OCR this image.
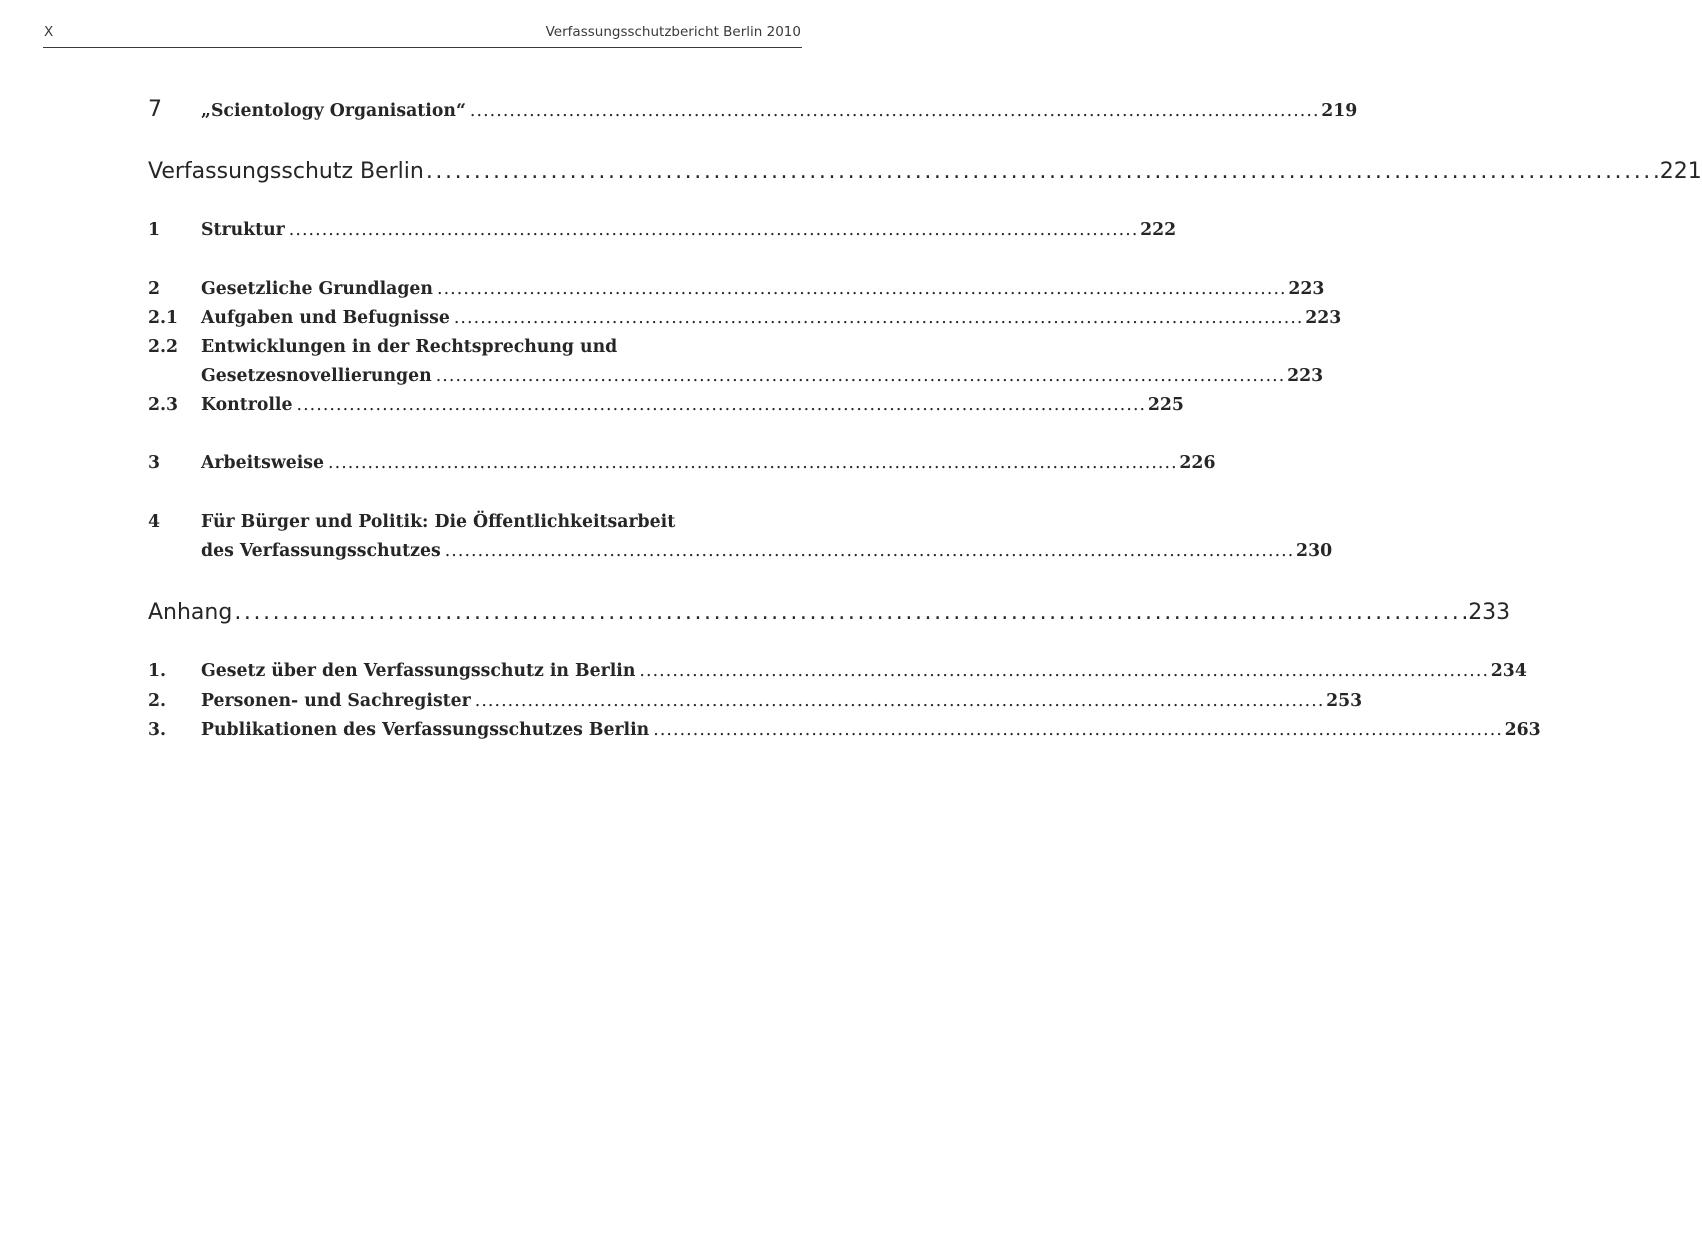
X	Verfassungsschutzbericht Berlin 2010
7	„Scientology Organisation“ . . .	219
Verfassungsschutz Berlin . . .	221
1	Struktur . . .	222
2	Gesetzliche Grundlagen . . .	223
2.1	Aufgaben und Befugnisse . . .	223
2.2	Entwicklungen in der Rechtsprechung und
Gesetzesnovellierungen . . .	223
2.3	Kontrolle . . .	225
3	Arbeitsweise . . .	226
4	Für Bürger und Politik: Die Öffentlichkeitsarbeit
des Verfassungsschutzes . . .	230
Anhang . . .	233
1.	Gesetz über den Verfassungsschutz in Berlin . . .	234
2.	Personen- und Sachregister . . .	253
3.	Publikationen des Verfassungsschutzes Berlin . . .	263
